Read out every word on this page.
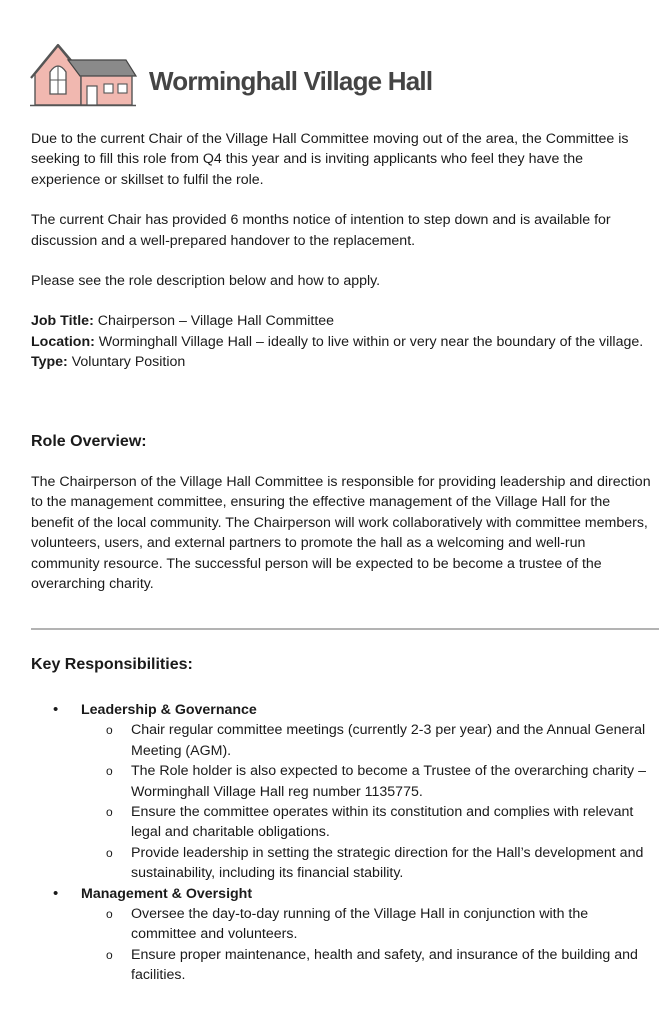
Worminghall Village Hall

Due to the current Chair of the Village Hall Committee moving out of the area, the Committee is seeking to fill this role from Q4 this year and is inviting applicants who feel they have the experience or skillset to fulfil the role.

The current Chair has provided 6 months notice of intention to step down and is available for discussion and a well-prepared handover to the replacement.

Please see the role description below and how to apply.

Job Title: Chairperson – Village Hall Committee

Location: Worminghall Village Hall – ideally to live within or very near the boundary of the village.

Type: Voluntary Position

Role Overview:

The Chairperson of the Village Hall Committee is responsible for providing leadership and direction to the management committee, ensuring the effective management of the Village Hall for the benefit of the local community. The Chairperson will work collaboratively with committee members, volunteers, users, and external partners to promote the hall as a welcoming and well-run community resource. The successful person will be expected to be become a trustee of the overarching charity.

Key Responsibilities:
• Leadership & Governance
o Chair regular committee meetings (currently 2-3 per year) and the Annual General Meeting (AGM).
o The Role holder is also expected to become a Trustee of the overarching charity – Worminghall Village Hall reg number 1135775.
o Ensure the committee operates within its constitution and complies with relevant legal and charitable obligations.
o Provide leadership in setting the strategic direction for the Hall’s development and sustainability, including its financial stability.
• Management & Oversight
o Oversee the day-to-day running of the Village Hall in conjunction with the committee and volunteers.
o Ensure proper maintenance, health and safety, and insurance of the building and facilities.
